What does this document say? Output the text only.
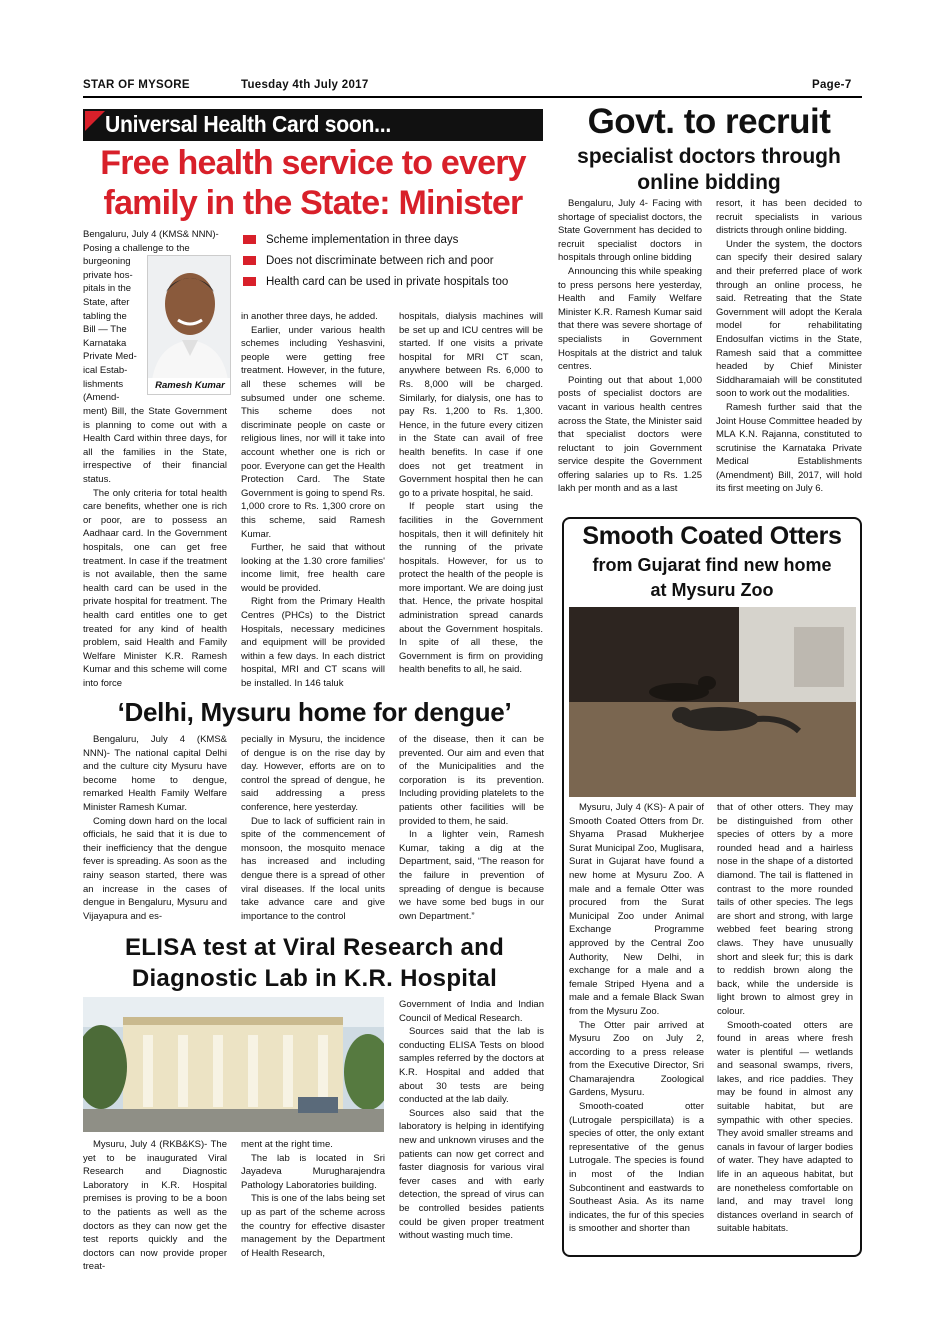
STAR OF MYSORE	Tuesday 4th July 2017	Page-7
Universal Health Card soon...
Free health service to every
family in the State: Minister
Scheme implementation in three days
Does not discriminate between rich and poor
Health card can be used in private hospitals too
Ramesh Kumar
Bengaluru, July 4 (KMS& NNN)- Posing a challenge to the
burgeoning
private hos-
pitals in the
State, after
tabling the
Bill — The
Karnataka
Private Med-
ical Estab-
lishments
(Amend-

ment) Bill, the State Government is planning to come out with a Health Card within three days, for all the families in the State, irrespective of their financial status.

The only criteria for total health care benefits, whether one is rich or poor, are to possess an Aadhaar card. In the Government hospitals, one can get free treatment. In case if the treatment is not available, then the same health card can be used in the private hospital for treatment. The health card entitles one to get treated for any kind of health problem, said Health and Family Welfare Minister K.R. Ramesh Kumar and this scheme will come into force

in another three days, he added.

Earlier, under various health schemes including Yeshasvini, people were getting free treatment. However, in the future, all these schemes will be subsumed under one scheme. This scheme does not discriminate people on caste or religious lines, nor will it take into account whether one is rich or poor. Everyone can get the Health Protection Card. The State Government is going to spend Rs. 1,000 crore to Rs. 1,300 crore on this scheme, said Ramesh Kumar.

Further, he said that without looking at the 1.30 crore families' income limit, free health care would be provided.

Right from the Primary Health Centres (PHCs) to the District Hospitals, necessary medicines and equipment will be provided within a few days. In each district hospital, MRI and CT scans will be installed. In 146 taluk

hospitals, dialysis machines will be set up and ICU centres will be started. If one visits a private hospital for MRI CT scan, anywhere between Rs. 6,000 to Rs. 8,000 will be charged. Similarly, for dialysis, one has to pay Rs. 1,200 to Rs. 1,300. Hence, in the future every citizen in the State can avail of free health benefits. In case if one does not get treatment in Government hospital then he can go to a private hospital, he said.

If people start using the facilities in the Government hospitals, then it will definitely hit the running of the private hospitals. However, for us to protect the health of the people is more important. We are doing just that. Hence, the private hospital administration spread canards about the Government hospitals. In spite of all these, the Government is firm on providing health benefits to all, he said.

Govt. to recruit
specialist doctors through
online bidding

Bengaluru, July 4- Facing with shortage of specialist doctors, the State Government has decided to recruit specialist doctors in hospitals through online bidding

Announcing this while speaking to press persons here yesterday, Health and Family Welfare Minister K.R. Ramesh Kumar said that there was severe shortage of specialists in Government Hospitals at the district and taluk centres.

Pointing out that about 1,000 posts of specialist doctors are vacant in various health centres across the State, the Minister said that specialist doctors were reluctant to join Government service despite the Government offering salaries up to Rs. 1.25 lakh per month and as a last

resort, it has been decided to recruit specialists in various districts through online bidding.

Under the system, the doctors can specify their desired salary and their preferred place of work through an online process, he said. Retreating that the State Government will adopt the Kerala model for rehabilitating Endosulfan victims in the State, Ramesh said that a committee headed by Chief Minister Siddharamaiah will be constituted soon to work out the modalities.

Ramesh further said that the Joint House Committee headed by MLA K.N. Rajanna, constituted to scrutinise the Karnataka Private Medical Establishments (Amendment) Bill, 2017, will hold its first meeting on July 6.

Smooth Coated Otters
from Gujarat find new home
at Mysuru Zoo

Mysuru, July 4 (KS)- A pair of Smooth Coated Otters from Dr. Shyama Prasad Mukherjee Surat Municipal Zoo, Muglisara, Surat in Gujarat have found a new home at Mysuru Zoo. A male and a female Otter was procured from the Surat Municipal Zoo under Animal Exchange Programme approved by the Central Zoo Authority, New Delhi, in exchange for a male and a female Striped Hyena and a male and a female Black Swan from the Mysuru Zoo.

The Otter pair arrived at Mysuru Zoo on July 2, according to a press release from the Executive Director, Sri Chamarajendra Zoological Gardens, Mysuru.

Smooth-coated otter (Lutrogale perspicillata) is a species of otter, the only extant representative of the genus Lutrogale. The species is found in most of the Indian Subcontinent and eastwards to Southeast Asia. As its name indicates, the fur of this species is smoother and shorter than

that of other otters. They may be distinguished from other species of otters by a more rounded head and a hairless nose in the shape of a distorted diamond. The tail is flattened in contrast to the more rounded tails of other species. The legs are short and strong, with large webbed feet bearing strong claws. They have unusually short and sleek fur; this is dark to reddish brown along the back, while the underside is light brown to almost grey in colour.

Smooth-coated otters are found in areas where fresh water is plentiful — wetlands and seasonal swamps, rivers, lakes, and rice paddies. They may be found in almost any suitable habitat, but are sympathic with other species. They avoid smaller streams and canals in favour of larger bodies of water. They have adapted to life in an aqueous habitat, but are nonetheless comfortable on land, and may travel long distances overland in search of suitable habitats.

‘Delhi, Mysuru home for dengue’

Bengaluru, July 4 (KMS& NNN)- The national capital Delhi and the culture city Mysuru have become home to dengue, remarked Health Family Welfare Minister Ramesh Kumar.

Coming down hard on the local officials, he said that it is due to their inefficiency that the dengue fever is spreading. As soon as the rainy season started, there was an increase in the cases of dengue in Bengaluru, Mysuru and Vijayapura and es-

pecially in Mysuru, the incidence of dengue is on the rise day by day. However, efforts are on to control the spread of dengue, he said addressing a press conference, here yesterday.

Due to lack of sufficient rain in spite of the commencement of monsoon, the mosquito menace has increased and including dengue there is a spread of other viral diseases. If the local units take advance care and give importance to the control

of the disease, then it can be prevented. Our aim and even that of the Municipalities and the corporation is its prevention. Including providing platelets to the patients other facilities will be provided to them, he said.

In a lighter vein, Ramesh Kumar, taking a dig at the Department, said, “The reason for the failure in prevention of spreading of dengue is because we have some bed bugs in our own Department.”

ELISA test at Viral Research and
Diagnostic Lab in K.R. Hospital

Mysuru, July 4 (RKB&KS)- The yet to be inaugurated Viral Research and Diagnostic Laboratory in K.R. Hospital premises is proving to be a boon to the patients as well as the doctors as they can now get the test reports quickly and the doctors can now provide proper treat-

ment at the right time.

The lab is located in Sri Jayadeva Murugharajendra Pathology Laboratories building.

This is one of the labs being set up as part of the scheme across the country for effective disaster management by the Department of Health Research,

Government of India and Indian Council of Medical Research.

Sources said that the lab is conducting ELISA Tests on blood samples referred by the doctors at K.R. Hospital and added that about 30 tests are being conducted at the lab daily.

Sources also said that the laboratory is helping in identifying new and unknown viruses and the patients can now get correct and faster diagnosis for various viral fever cases and with early detection, the spread of virus can be controlled besides patients could be given proper treatment without wasting much time.
